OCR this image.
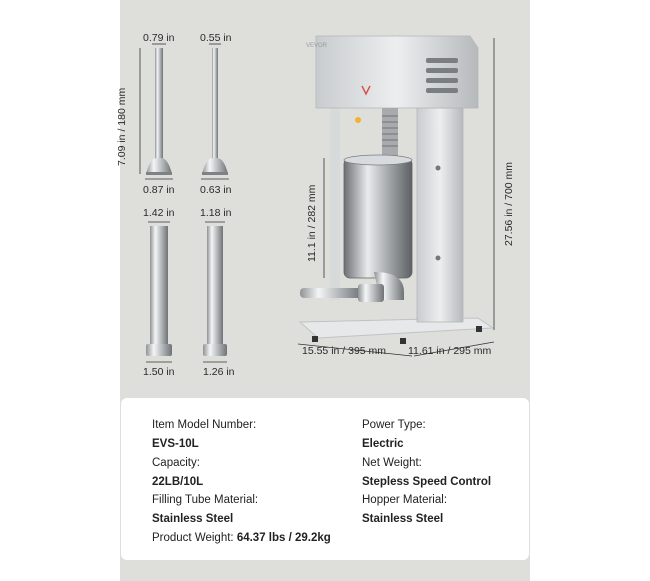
VEVOR
0.79 in 0.55 in
7.09 in / 180 mm
0.87 in 0.63 in
1.42 in 1.18 in
1.50 in	1.26 in
11.1 in / 282 mm	27.56 in / 700 mm
15.55 in / 395 mm 11.61 in / 295 mm
Item Model Number:
EVS-10L
Capacity:
22LB/10L
Filling Tube Material:
Stainless Steel
Product Weight: 64.37 lbs / 29.2kg
Power Type:
Electric
Net Weight:
Stepless Speed Control
Hopper Material:
Stainless Steel
